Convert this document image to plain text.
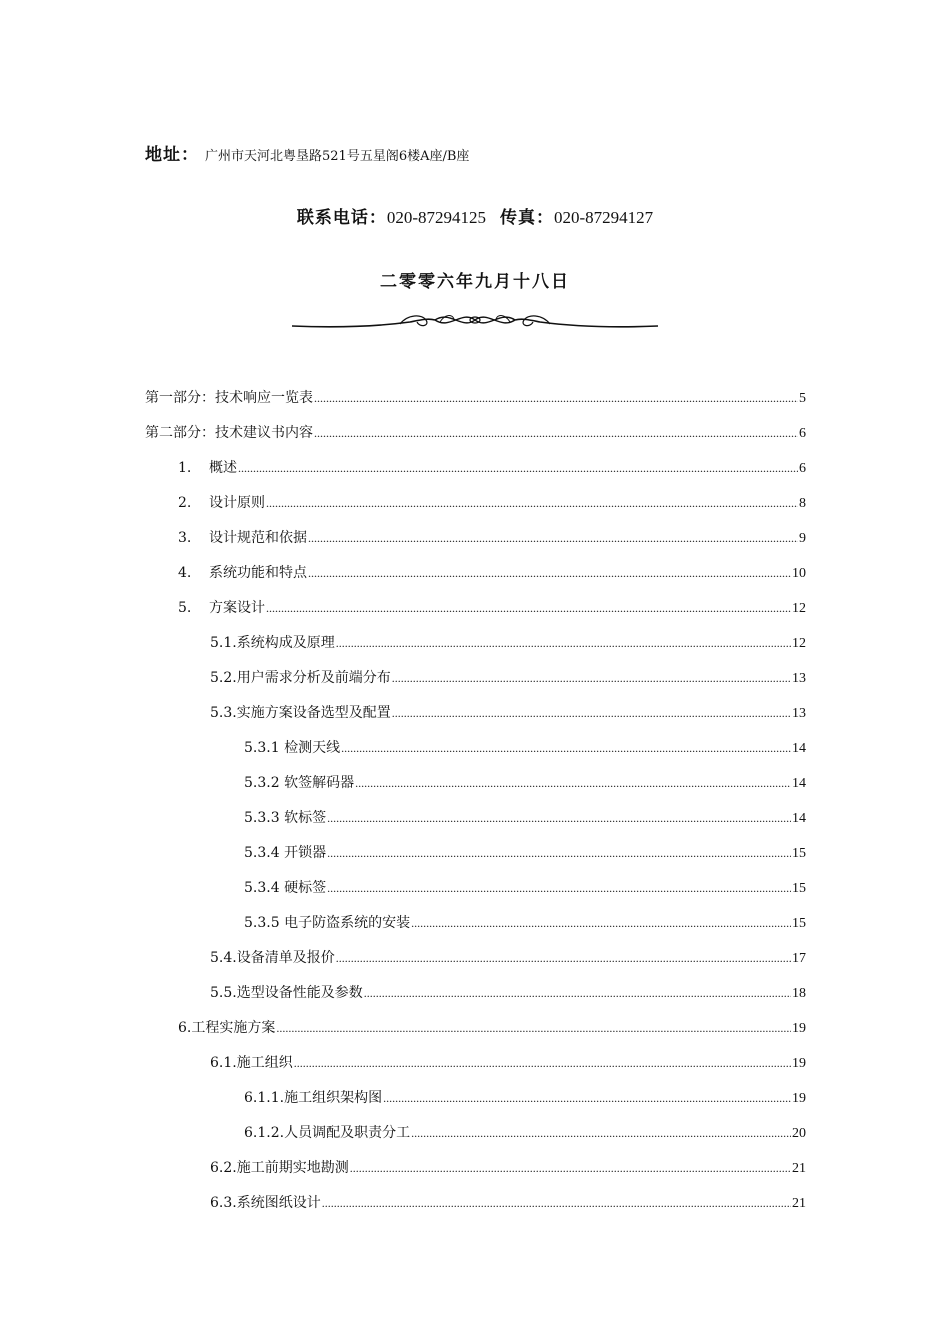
地址： 广州市天河北粤垦路521号五星阁6楼A座/B座
联系电话：020-87294125 传真：020-87294127
二零零六年九月十八日
第一部分：技术响应一览表 .....	5
第二部分：技术建议书内容 .....	6
1.	概述 .....	6
2.	设计原则 .....	8
3.	设计规范和依据 .....	9
4.	系统功能和特点 .....	10
5.	方案设计 .....	12
5.1.系统构成及原理 .....	12
5.2.用户需求分析及前端分布 .....	13
5.3.实施方案设备选型及配置 .....	13
5.3.1 检测天线 .....	14
5.3.2 软签解码器 .....	14
5.3.3 软标签 .....	14
5.3.4 开锁器 .....	15
5.3.4 硬标签 .....	15
5.3.5 电子防盗系统的安装 .....	15
5.4.设备清单及报价 .....	17
5.5.选型设备性能及参数 .....	18
6.工程实施方案 .....	19
6.1.施工组织 .....	19
6.1.1.施工组织架构图 .....	19
6.1.2.人员调配及职责分工 .....	20
6.2.施工前期实地勘测 .....	21
6.3.系统图纸设计 .....	21
